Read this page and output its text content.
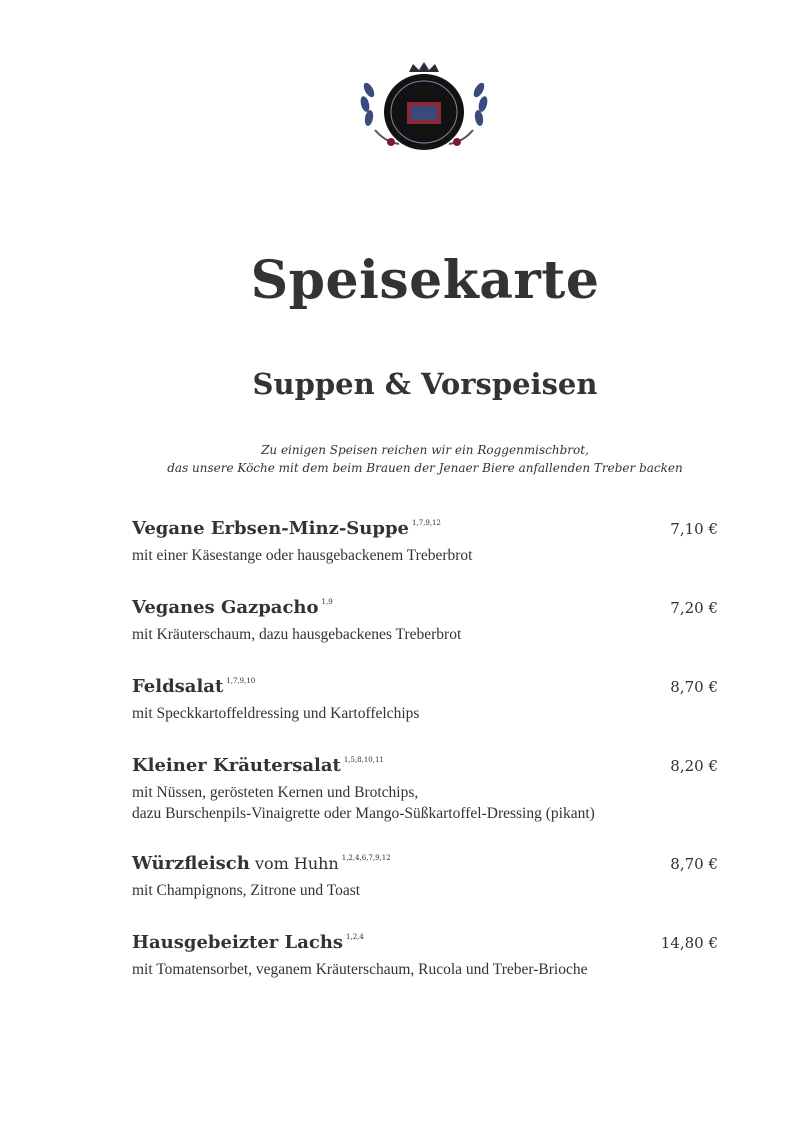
Speisekarte
Suppen & Vorspeisen
Zu einigen Speisen reichen wir ein Roggenmischbrot,
das unsere Köche mit dem beim Brauen der Jenaer Biere anfallenden Treber backen
Vegane Erbsen-Minz-Suppe $^{1,7,9,12}$	7,10 €
mit einer Käsestange oder hausgebackenem Treberbrot
Veganes Gazpacho $^{1,9}$	7,20 €
mit Kräuterschaum, dazu hausgebackenes Treberbrot
Feldsalat $^{1,7,9,10}$	8,70 €
mit Speckkartoffeldressing und Kartoffelchips
Kleiner Kräutersalat $^{1,5,8,10,11}$	8,20 €
mit Nüssen, gerösteten Kernen und Brotchips,
dazu Burschenpils-Vinaigrette oder Mango-Süßkartoffel-Dressing (pikant)
Würzfleisch vom Huhn $^{1,2,4,6,7,9,12}$	8,70 €
mit Champignons, Zitrone und Toast
Hausgebeizter Lachs $^{1,2,4}$	14,80 €
mit Tomatensorbet, veganem Kräuterschaum, Rucola und Treber-Brioche
